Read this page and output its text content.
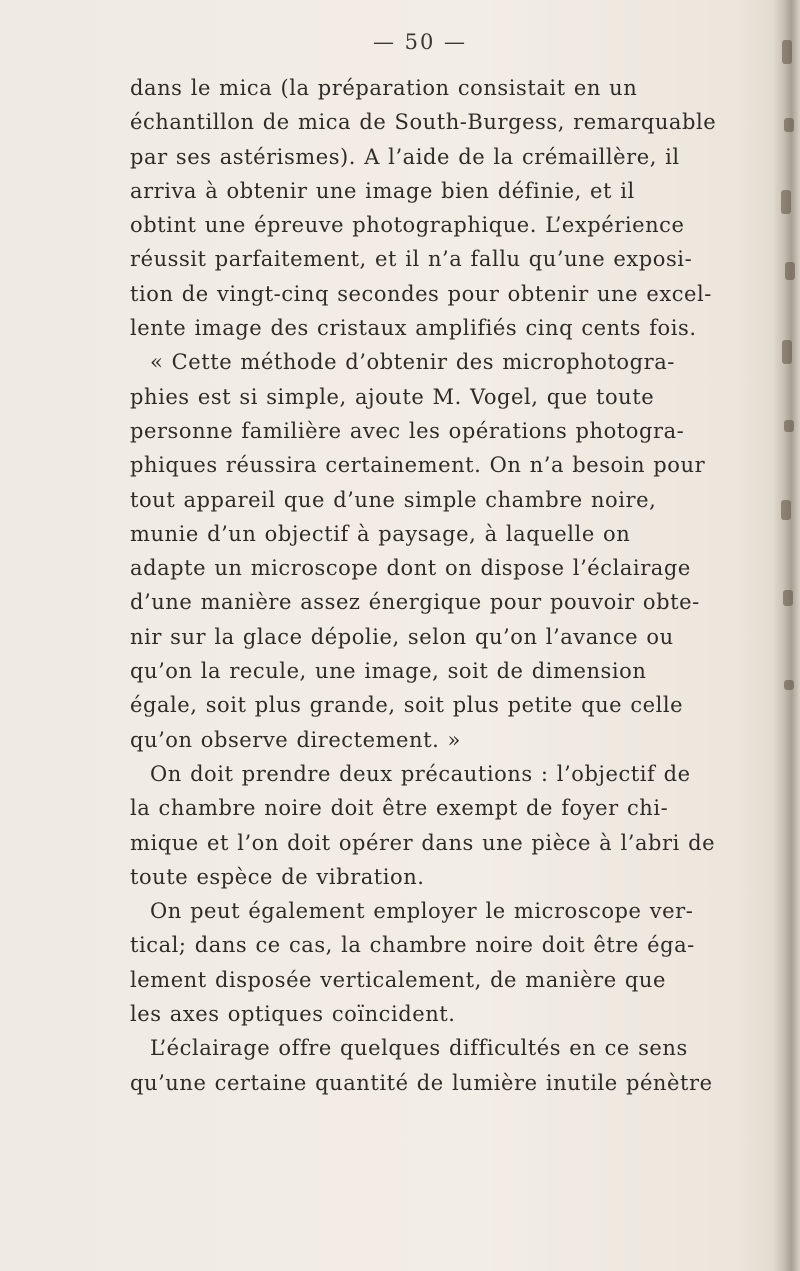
— 50 —
dans le mica (la préparation consistait en un
échantillon de mica de South-Burgess, remarquable
par ses astérismes). A l’aide de la crémaillère, il
arriva à obtenir une image bien définie, et il
obtint une épreuve photographique. L’expérience
réussit parfaitement, et il n’a fallu qu’une exposi-
tion de vingt-cinq secondes pour obtenir une excel-
lente image des cristaux amplifiés cinq cents fois.
« Cette méthode d’obtenir des microphotogra-
phies est si simple, ajoute M. Vogel, que toute
personne familière avec les opérations photogra-
phiques réussira certainement. On n’a besoin pour
tout appareil que d’une simple chambre noire,
munie d’un objectif à paysage, à laquelle on
adapte un microscope dont on dispose l’éclairage
d’une manière assez énergique pour pouvoir obte-
nir sur la glace dépolie, selon qu’on l’avance ou
qu’on la recule, une image, soit de dimension
égale, soit plus grande, soit plus petite que celle
qu’on observe directement. »
On doit prendre deux précautions : l’objectif de
la chambre noire doit être exempt de foyer chi-
mique et l’on doit opérer dans une pièce à l’abri de
toute espèce de vibration.
On peut également employer le microscope ver-
tical; dans ce cas, la chambre noire doit être éga-
lement disposée verticalement, de manière que
les axes optiques coïncident.
L’éclairage offre quelques difficultés en ce sens
qu’une certaine quantité de lumière inutile pénètre
